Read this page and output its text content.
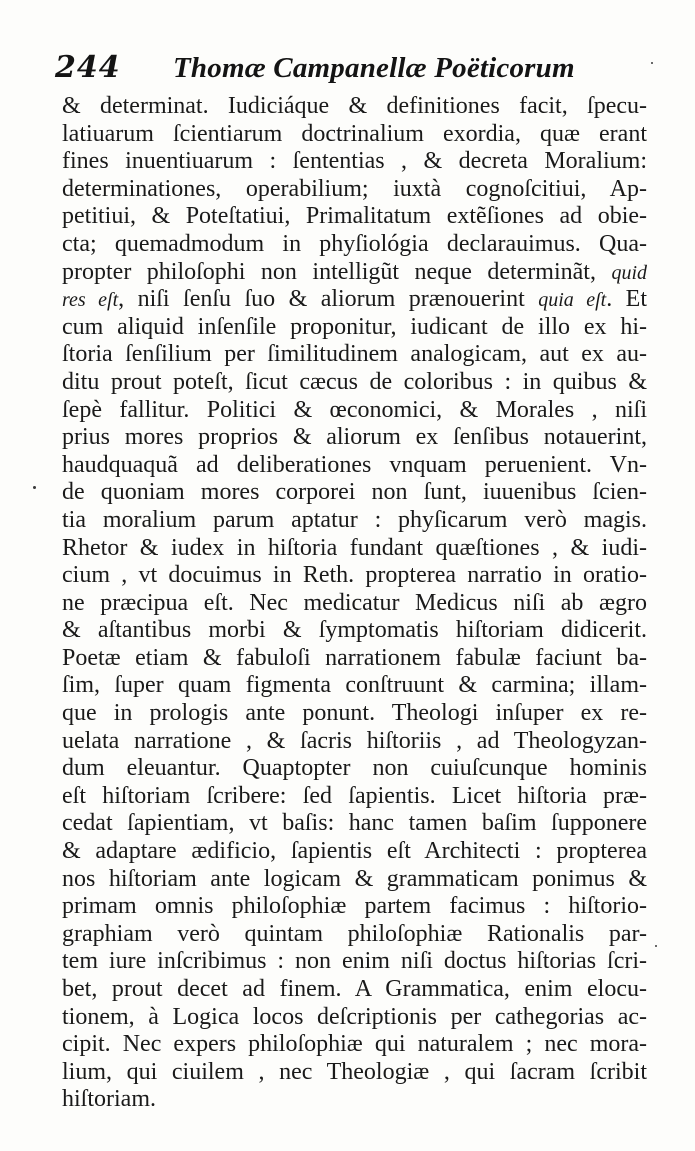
244 Thomæ Campanellæ Poëticorum
& determinat. Iudiciáque & definitiones facit, ſpecu-
latiuarum ſcientiarum doctrinalium exordia, quæ erant
fines inuentiuarum : ſententias , & decreta Moralium:
determinationes, operabilium; iuxtà cognoſcitiui, Ap-
petitiui, & Poteſtatiui, Primalitatum extẽſiones ad obie-
cta; quemadmodum in phyſiológia declarauimus. Qua-
propter philoſophi non intelligũt neque determinãt, quid
res eſt, niſi ſenſu ſuo & aliorum prænouerint quia eſt. Et
cum aliquid inſenſile proponitur, iudicant de illo ex hi-
ſtoria ſenſilium per ſimilitudinem analogicam, aut ex au-
ditu prout poteſt, ſicut cæcus de coloribus : in quibus &
ſepè fallitur. Politici & œconomici, & Morales , niſi
prius mores proprios & aliorum ex ſenſibus notauerint,
haudquaquã ad deliberationes vnquam peruenient. Vn-
de quoniam mores corporei non ſunt, iuuenibus ſcien-
tia moralium parum aptatur : phyſicarum verò magis.
Rhetor & iudex in hiſtoria fundant quæſtiones , & iudi-
cium , vt docuimus in Reth. propterea narratio in oratio-
ne præcipua eſt. Nec medicatur Medicus niſi ab ægro
& aſtantibus morbi & ſymptomatis hiſtoriam didicerit.
Poetæ etiam & fabuloſi narrationem fabulæ faciunt ba-
ſim, ſuper quam figmenta conſtruunt & carmina; illam-
que in prologis ante ponunt. Theologi inſuper ex re-
uelata narratione , & ſacris hiſtoriis , ad Theologyzan-
dum eleuantur. Quaptopter non cuiuſcunque hominis
eſt hiſtoriam ſcribere: ſed ſapientis. Licet hiſtoria præ-
cedat ſapientiam, vt baſis: hanc tamen baſim ſupponere
& adaptare ædificio, ſapientis eſt Architecti : propterea
nos hiſtoriam ante logicam & grammaticam ponimus &
primam omnis philoſophiæ partem facimus : hiſtorio-
graphiam verò quintam philoſophiæ Rationalis par-
tem iure inſcribimus : non enim niſi doctus hiſtorias ſcri-
bet, prout decet ad finem. A Grammatica, enim elocu-
tionem, à Logica locos deſcriptionis per cathegorias ac-
cipit. Nec expers philoſophiæ qui naturalem ; nec mora-
lium, qui ciuilem , nec Theologiæ , qui ſacram ſcribit
hiſtoriam.
